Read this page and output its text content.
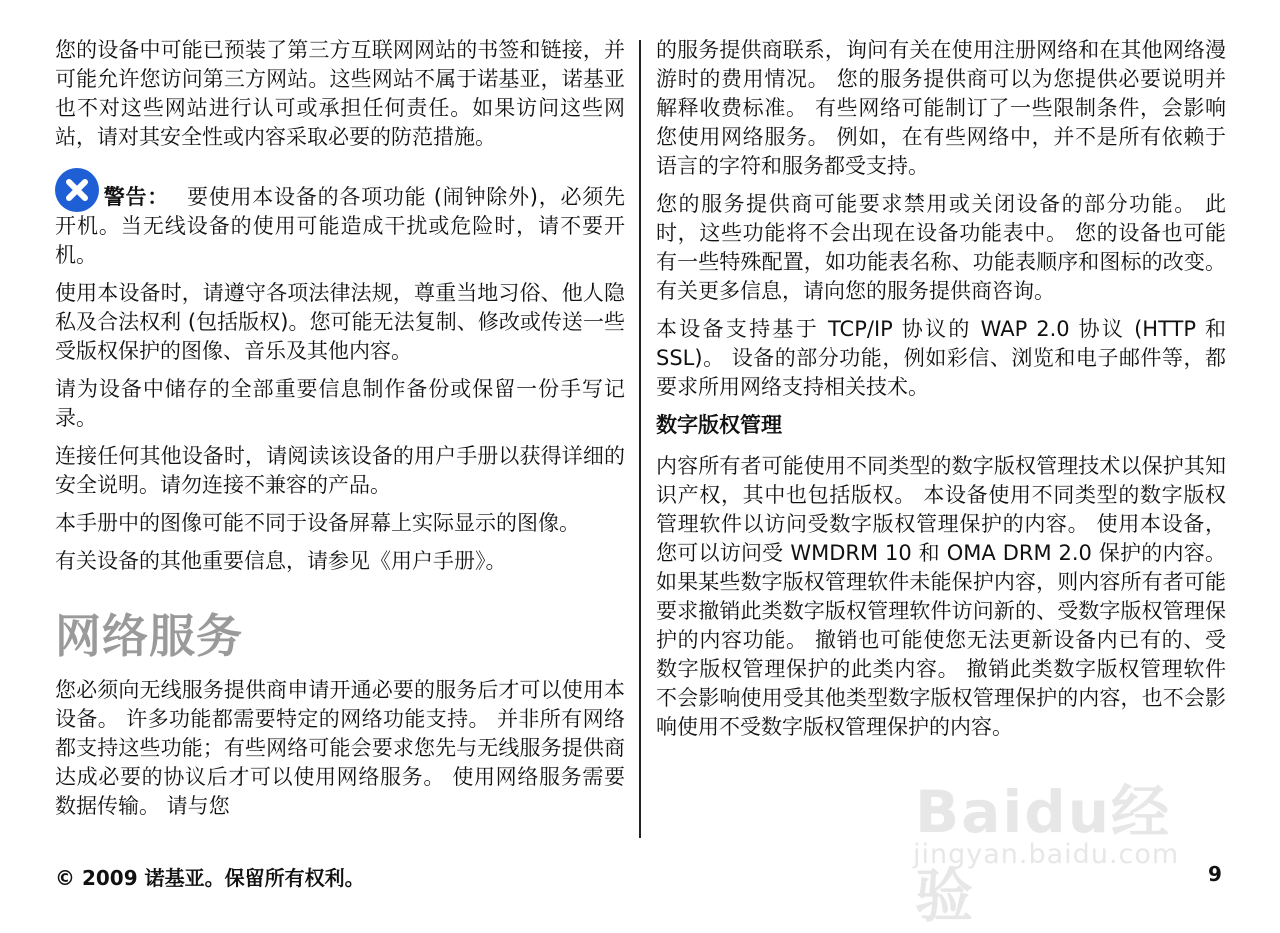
您的设备中可能已预装了第三方互联网网站的书签和链接，并可能允许您访问第三方网站。这些网站不属于诺基亚，诺基亚也不对这些网站进行认可或承担任何责任。如果访问这些网站，请对其安全性或内容采取必要的防范措施。

警告： 要使用本设备的各项功能 (闹钟除外)，必须先开机。当无线设备的使用可能造成干扰或危险时，请不要开机。

使用本设备时，请遵守各项法律法规，尊重当地习俗、他人隐私及合法权利 (包括版权)。您可能无法复制、修改或传送一些受版权保护的图像、音乐及其他内容。

请为设备中储存的全部重要信息制作备份或保留一份手写记录。

连接任何其他设备时，请阅读该设备的用户手册以获得详细的安全说明。请勿连接不兼容的产品。

本手册中的图像可能不同于设备屏幕上实际显示的图像。

有关设备的其他重要信息，请参见《用户手册》。

网络服务

您必须向无线服务提供商申请开通必要的服务后才可以使用本设备。 许多功能都需要特定的网络功能支持。 并非所有网络都支持这些功能；有些网络可能会要求您先与无线服务提供商达成必要的协议后才可以使用网络服务。 使用网络服务需要数据传输。 请与您

的服务提供商联系，询问有关在使用注册网络和在其他网络漫游时的费用情况。 您的服务提供商可以为您提供必要说明并解释收费标准。 有些网络可能制订了一些限制条件，会影响您使用网络服务。 例如，在有些网络中，并不是所有依赖于语言的字符和服务都受支持。

您的服务提供商可能要求禁用或关闭设备的部分功能。 此时，这些功能将不会出现在设备功能表中。 您的设备也可能有一些特殊配置，如功能表名称、功能表顺序和图标的改变。 有关更多信息，请向您的服务提供商咨询。

本设备支持基于 TCP/IP 协议的 WAP 2.0 协议 (HTTP 和 SSL)。 设备的部分功能，例如彩信、浏览和电子邮件等，都要求所用网络支持相关技术。

数字版权管理

内容所有者可能使用不同类型的数字版权管理技术以保护其知识产权，其中也包括版权。 本设备使用不同类型的数字版权管理软件以访问受数字版权管理保护的内容。 使用本设备，您可以访问受 WMDRM 10 和 OMA DRM 2.0 保护的内容。 如果某些数字版权管理软件未能保护内容，则内容所有者可能要求撤销此类数字版权管理软件访问新的、受数字版权管理保护的内容功能。 撤销也可能使您无法更新设备内已有的、受数字版权管理保护的此类内容。 撤销此类数字版权管理软件不会影响使用受其他类型数字版权管理保护的内容，也不会影响使用不受数字版权管理保护的内容。

Baidu经验
jingyan.baidu.com
© 2009 诺基亚。保留所有权利。	9
